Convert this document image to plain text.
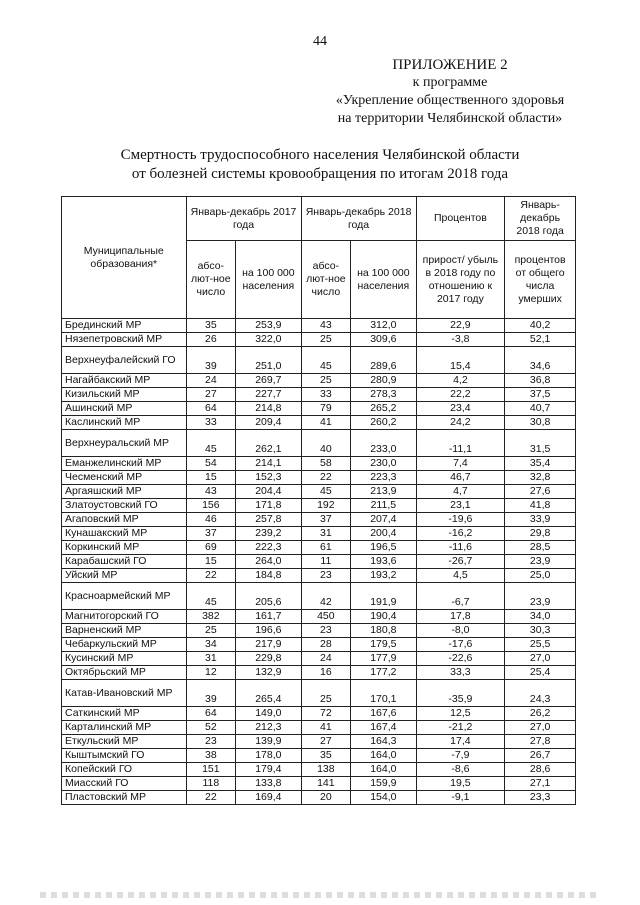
44
ПРИЛОЖЕНИЕ 2
к программе
«Укрепление общественного здоровья
на территории Челябинской области»
Смертность трудоспособного населения Челябинской области
от болезней системы кровообращения по итогам 2018 года
Муниципальные образования*	Январь-декабрь 2017 года		Январь-декабрь 2018 года		Процентов	Январь-декабрь 2018 года
	абсо-лют-ное число	на 100 000 населения	абсо-лют-ное число	на 100 000 населения	прирост/ убыль в 2018 году по отношению к 2017 году	процентов от общего числа умерших
Брединский МР	35	253,9	43	312,0	22,9	40,2
Нязепетровский МР	26	322,0	25	309,6	-3,8	52,1
Верхнеуфалейский ГО	39	251,0	45	289,6	15,4	34,6
Нагайбакский МР	24	269,7	25	280,9	4,2	36,8
Кизильский МР	27	227,7	33	278,3	22,2	37,5
Ашинский МР	64	214,8	79	265,2	23,4	40,7
Каслинский МР	33	209,4	41	260,2	24,2	30,8
Верхнеуральский МР	45	262,1	40	233,0	-11,1	31,5
Еманжелинский МР	54	214,1	58	230,0	7,4	35,4
Чесменский МР	15	152,3	22	223,3	46,7	32,8
Аргаяшский МР	43	204,4	45	213,9	4,7	27,6
Златоустовский ГО	156	171,8	192	211,5	23,1	41,8
Агаповский МР	46	257,8	37	207,4	-19,6	33,9
Кунашакский МР	37	239,2	31	200,4	-16,2	29,8
Коркинский МР	69	222,3	61	196,5	-11,6	28,5
Карабашский ГО	15	264,0	11	193,6	-26,7	23,9
Уйский МР	22	184,8	23	193,2	4,5	25,0
Красноармейский МР	45	205,6	42	191,9	-6,7	23,9
Магнитогорский ГО	382	161,7	450	190,4	17,8	34,0
Варненский МР	25	196,6	23	180,8	-8,0	30,3
Чебаркульский МР	34	217,9	28	179,5	-17,6	25,5
Кусинский МР	31	229,8	24	177,9	-22,6	27,0
Октябрьский МР	12	132,9	16	177,2	33,3	25,4
Катав-Ивановский МР	39	265,4	25	170,1	-35,9	24,3
Саткинский МР	64	149,0	72	167,6	12,5	26,2
Карталинский МР	52	212,3	41	167,4	-21,2	27,0
Еткульский МР	23	139,9	27	164,3	17,4	27,8
Кыштымский ГО	38	178,0	35	164,0	-7,9	26,7
Копейский ГО	151	179,4	138	164,0	-8,6	28,6
Миасский ГО	118	133,8	141	159,9	19,5	27,1
Пластовский МР	22	169,4	20	154,0	-9,1	23,3
